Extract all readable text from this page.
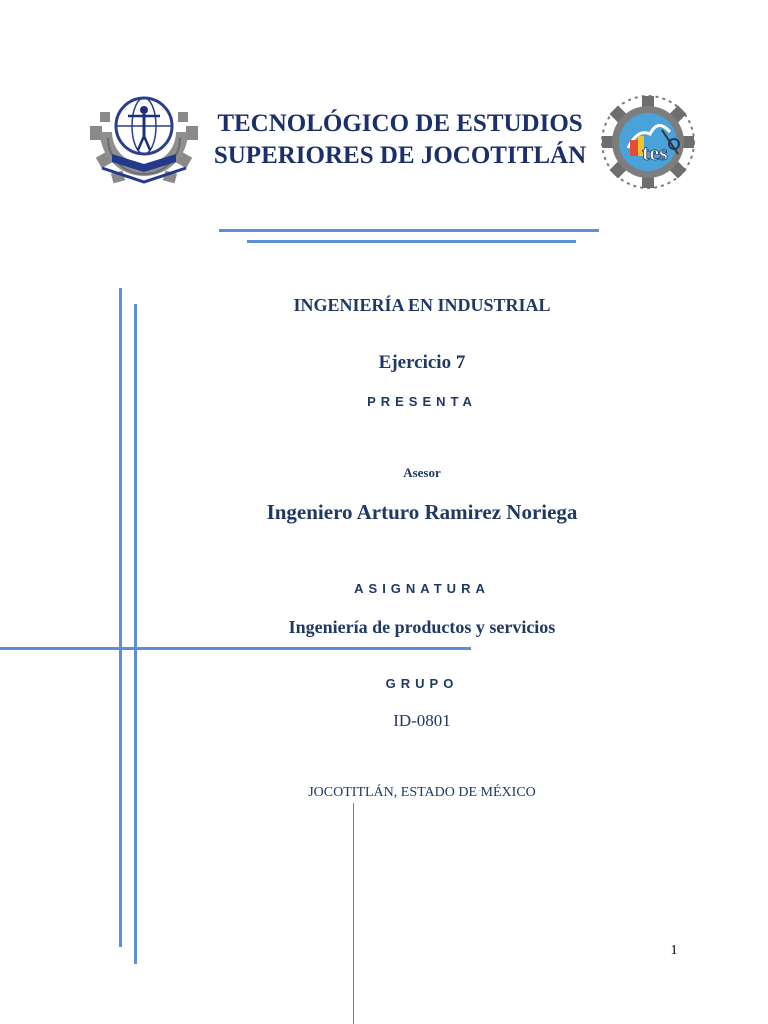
TECNOLÓGICO DE ESTUDIOS
SUPERIORES DE JOCOTITLÁN	tes
INGENIERÍA EN INDUSTRIAL
Ejercicio 7
PRESENTA
Asesor
Ingeniero Arturo Ramirez Noriega
ASIGNATURA
Ingeniería de productos y servicios
GRUPO
ID-0801
JOCOTITLÁN, ESTADO DE MÉXICO
1
